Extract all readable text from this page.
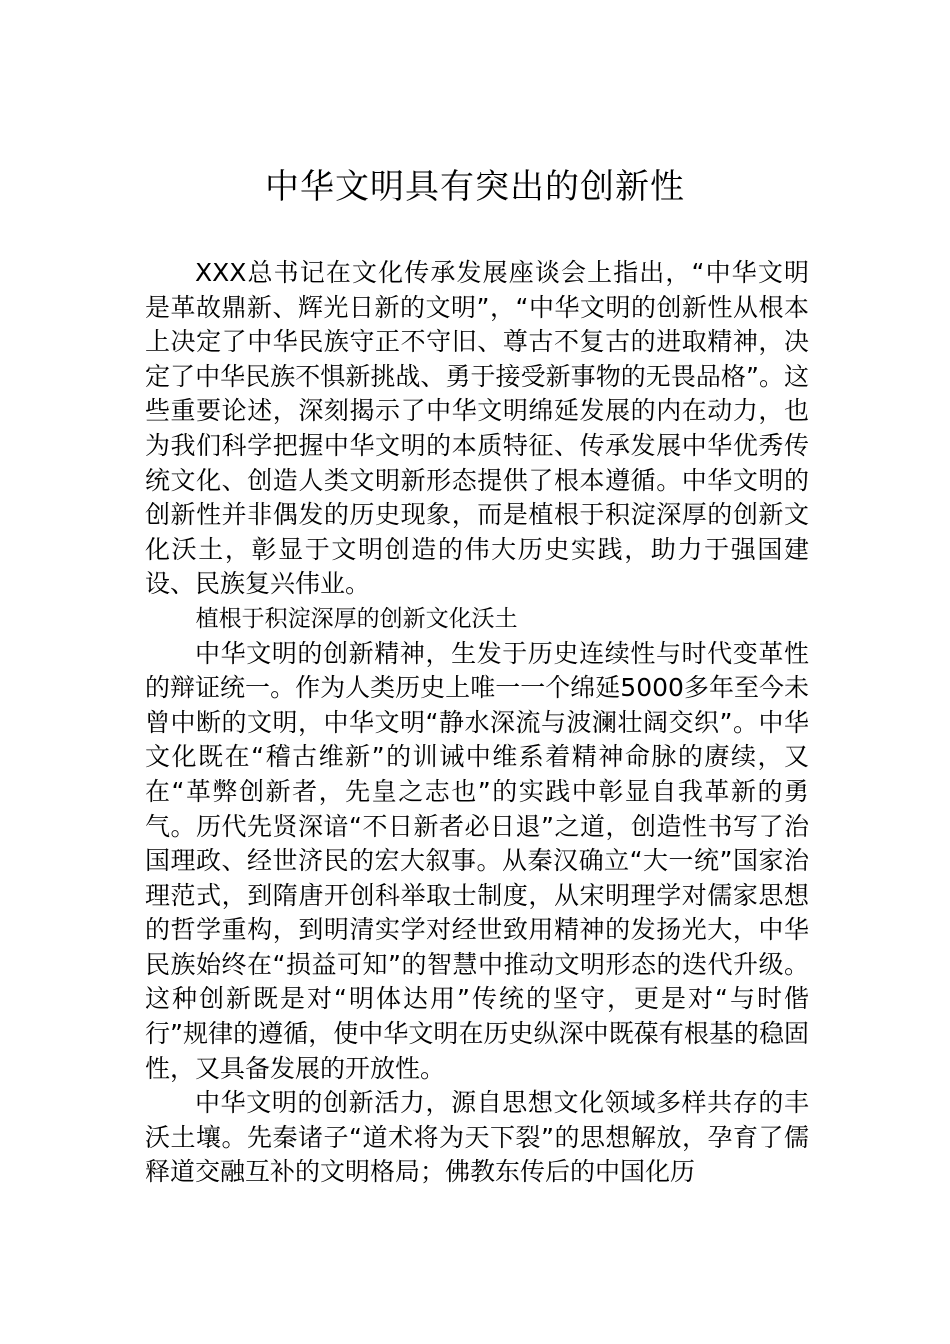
中华文明具有突出的创新性

XXX总书记在文化传承发展座谈会上指出，“中华文明是革故鼎新、辉光日新的文明”，“中华文明的创新性从根本上决定了中华民族守正不守旧、尊古不复古的进取精神，决定了中华民族不惧新挑战、勇于接受新事物的无畏品格”。这些重要论述，深刻揭示了中华文明绵延发展的内在动力，也为我们科学把握中华文明的本质特征、传承发展中华优秀传统文化、创造人类文明新形态提供了根本遵循。中华文明的创新性并非偶发的历史现象，而是植根于积淀深厚的创新文化沃土，彰显于文明创造的伟大历史实践，助力于强国建设、民族复兴伟业。

植根于积淀深厚的创新文化沃土

中华文明的创新精神，生发于历史连续性与时代变革性的辩证统一。作为人类历史上唯一一个绵延5000多年至今未曾中断的文明，中华文明“静水深流与波澜壮阔交织”。中华文化既在“稽古维新”的训诫中维系着精神命脉的赓续，又在“革弊创新者，先皇之志也”的实践中彰显自我革新的勇气。历代先贤深谙“不日新者必日退”之道，创造性书写了治国理政、经世济民的宏大叙事。从秦汉确立“大一统”国家治理范式，到隋唐开创科举取士制度，从宋明理学对儒家思想的哲学重构，到明清实学对经世致用精神的发扬光大，中华民族始终在“损益可知”的智慧中推动文明形态的迭代升级。这种创新既是对“明体达用”传统的坚守，更是对“与时偕行”规律的遵循，使中华文明在历史纵深中既葆有根基的稳固性，又具备发展的开放性。

中华文明的创新活力，源自思想文化领域多样共存的丰沃土壤。先秦诸子“道术将为天下裂”的思想解放，孕育了儒释道交融互补的文明格局；佛教东传后的中国化历
